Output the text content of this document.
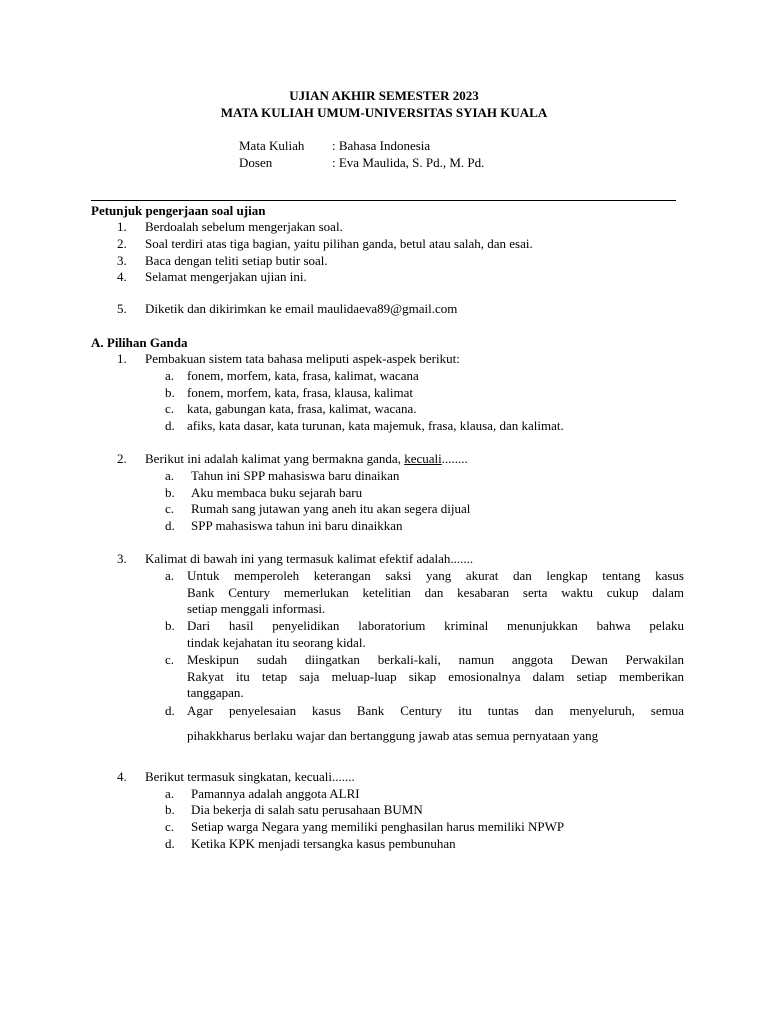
UJIAN AKHIR SEMESTER 2023

MATA KULIAH UMUM-UNIVERSITAS SYIAH KUALA

Mata Kuliah : Bahasa Indonesia
Dosen	: Eva Maulida, S. Pd., M. Pd.

Petunjuk pengerjaan soal ujian

1.	Berdoalah sebelum mengerjakan soal.
2.	Soal terdiri atas tiga bagian, yaitu pilihan ganda, betul atau salah, dan esai.
3.	Baca dengan teliti setiap butir soal.
4.	Selamat mengerjakan ujian ini.
5.	Diketik dan dikirimkan ke email maulidaeva89@gmail.com

A. Pilihan Ganda

1.	Pembakuan sistem tata bahasa meliputi aspek-aspek berikut:
a. fonem, morfem, kata, frasa, kalimat, wacana
b. fonem, morfem, kata, frasa, klausa, kalimat
c. kata, gabungan kata, frasa, kalimat, wacana.
d. afiks, kata dasar, kata turunan, kata majemuk, frasa, klausa, dan kalimat.
2.	Berikut ini adalah kalimat yang bermakna ganda, kecuali........
a.	Tahun ini SPP mahasiswa baru dinaikan
b.	Aku membaca buku sejarah baru
c.	Rumah sang jutawan yang aneh itu akan segera dijual
d.	SPP mahasiswa tahun ini baru dinaikkan
3.	Kalimat di bawah ini yang termasuk kalimat efektif adalah.......
a. Untuk memperoleh keterangan saksi yang akurat dan lengkap tentang kasus
Bank Century memerlukan ketelitian dan kesabaran serta waktu cukup dalam
setiap menggali informasi.
b. Dari hasil penyelidikan laboratorium kriminal menunjukkan bahwa pelaku
tindak kejahatan itu seorang kidal.
c. Meskipun sudah diingatkan berkali-kali, namun anggota Dewan Perwakilan
Rakyat itu tetap saja meluap-luap sikap emosionalnya dalam setiap memberikan
tanggapan.
d. Agar penyelesaian kasus Bank Century itu tuntas dan menyeluruh, semua
pihakkharus berlaku wajar dan bertanggung jawab atas semua pernyataan yang
4.	Berikut termasuk singkatan, kecuali.......
a.	Pamannya adalah anggota ALRI
b.	Dia bekerja di salah satu perusahaan BUMN
c.	Setiap warga Negara yang memiliki penghasilan harus memiliki NPWP
d.	Ketika KPK menjadi tersangka kasus pembunuhan
